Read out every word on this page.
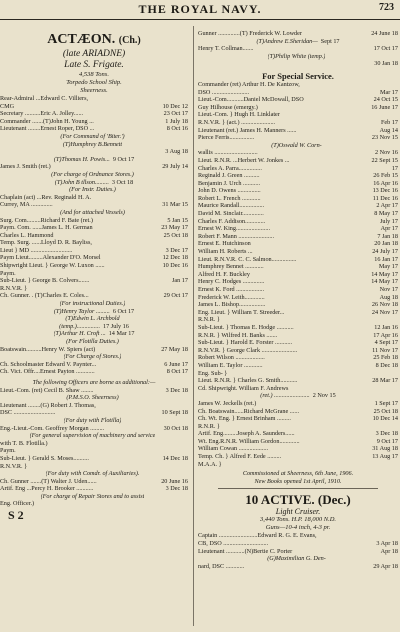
THE ROYAL NAVY.	723
ACTÆON. (Ch.)
(late ARIADNE)
Late S. Frigate.
4,538 Tons.
Torpedo School Ship.
Sheerness.
Rear-Admiral ...Edward C. Villiers,
CMG	10 Dec 12
Secretary ..........Eric A. Jolley......	23 Oct 17
Commander .......(T)John H. Young ...	1 July 18
Lieutenant ........Ernest Roper, DSO ...	8 Oct 16
(For Command of 'Biter.')
(T)Humphrey B.Bennett
3 Aug 18
(T)Thomas H. Powis... 9 Oct 17
James J. Smith (ret.)	29 July 14
(For charge of Ordnance Stores.)
(T)John B tllson......... 3 Oct 18
(For Instr. Duties.)
Chaplain (act) ...Rev. Reginald H. A.
Currey, MA ..............	31 Mar 15
(And for attached Vessels)
Surg. Com.........Richard F. Bate (ret.)	5 Jan 15
Paym. Com. ......James L. H. German	23 May 17
Charles L. Hammond	25 Oct 18
Temp. Surg. ......Lloyd D. R. Bayliss,
Lieut } MD ...........................	3 Dec 17
Paym Lieut.........Alexander D'O. Morsel	12 Dec 18
Shipwright Lieut. } George W. Luxon ......	10 Dec 16
Paym.
Sub-Lieut. } George B. Colvers.......	Jan 17
R.N.V.R. }
Ch. Gunner. . (T)Charles E. Coles...	29 Oct 17
(For instructional Duties.)
(T)Henry Taylor ......... 6 Oct 17
(T)Edwin L. Archbold
(temp.)............... 17 July 16
(T)Arthur H. Croft ... 14 Mar 17
(For Flotilla Duties.)
Boatswain..........Henry W. Spiers (act)	27 May 18
(For Charge of Stores.)
Ch. Schoolmaster Edward V. Paynter...	6 June 17
Ch. Vict. Offr....Ernest Payton ............	8 Oct 17
The following Officers are borne as additional:—
Lieut.-Com. (ret) Cecil B. Shaw ........	3 Dec 18
(P.M.S.O. Sheerness)
Lieutenant ........(G) Robert J. Thomas,
DSC ...........................	10 Sept 18
(For duty with Flotilla)
Eng.-Lieut.-Com. Geoffrey Morgan .........	30 Oct 18
(For general supervision of machinery and service
with T. B. Flotilla.)
Paym.
Sub-Lieut. } Gerald S. Moses..........	14 Dec 18
R.N.V.R. }
(For duty with Comdr. of Auxiliaries).
Ch. Gunner .......(T) Walter J. Uden......	20 June 16
Artif. Eng ...Percy H. Brooker ...........	3 Dec 18
(For charge of Repair Stores and to assist
Eng. Officer.)
S 2
Gunner ..............(T) Frederick W. Lowder	24 June 18
(T)Andrew E.Sheridan— Sept 17
Henry T. Collman.......	17 Oct 17
(T)Philip White (temp.)
30 Jan 18
For Special Service.
Commander (ret) Arthur H. De Kantzow,
DSO ........................	Mar 17
Lieut.-Com...........Daniel McDowall, DSO	24 Oct 15
Guy Hilhouse (emergy.)	16 June 17
Lieut.-Com. } Hugh H. Linklater
R.N.V.R. } (act.) ......................	Feb 17
Lieutenant (ret.) James H. Manners ......	Aug 14
Pierce Ferris................	23 Nov 15
(T)Oswald W. Corn-
wallis ............................	2 Nov 16
Lieut. R.N.R. ...Herbert W. Jonkes ...	22 Sept 15
Charles A. Parra...............	17
Reginald J. Green ..........	26 Feb 15
Benjamin J. Urch ...........	16 Apr 16
John D. Owens ...............	13 Dec 16
Robert L. French ............	11 Dec 16
Maurice Randall................	2 Apr 17
David M. Sinclair..............	8 May 17
Charles F. Addison.............	July 17
Ernest W. King......................	Apr 17
Robert F. Mann .......................	7 Jan 18
Ernest E. Hutchinson	20 Jan 18
William H. Roberts ...	24 July 17
Lieut. R.N.V.R. C. C. Salmon................	16 Jan 17
Humphrey Bennet ............	May 17
Alfred H. F. Buckley	14 May 17
Henry C. Hodges ..............	14 May 17
Ernest K. Ford ..................	Nov 17
Frederick W. Leith.............	Aug 18
James L. Bishop.................	26 Nov 18
Eng. Lieut. } William T. Streeder...	24 Nov 17
R.N.R. }
Sub-Lieut. } Thomas E. Hodge ...........	12 Jan 16
R.N.R. } Wilfred H. Banks .......	17 Apr 16
Sub-Lieut. } Harold E. Forster ...........	4 Sept 17
R.N.V.R. } George Clark .......................	11 Nov 17
Robert Wilson ...................	25 Feb 18
William E. Taylor ............	8 Dec 18
Eng. Sub- }
Lieut. R.N.R. } Charles G. Smith...........	28 Mar 17
Cd. Shipwright. William F. Andrews
(ret.) ....................... 2 Nov 15
James W. Jeckells (ret.)	1 Sept 17
Ch. Boatswain......Richard McGrane ......	25 Oct 18
Ch. Wt. Eng. } Ernest Brinham .........	10 Dec 14
R.N.R. }
Artif. Eng.........Joseph A. Saunders......	3 Dec 18
Wt. Eng.R.N.R. William Gordon.............	9 Oct 17
William Cowan ...................	31 Aug 18
Temp. Ch. } Alfred F. Eede .........	13 Aug 17
M.A.A. }
Commissioned at Sheerness, 6th June, 1906.
New Books opened 1st April, 1910.
10 ACTIVE. (Dec.)
Light Cruiser.
3,440 Tons. H.P. 18,000 N.D.
Guns—10-4 inch, 4-3 pr.
Captain .........................Edward R. G. E. Evans,
CB, DSO .............................	3 Apr 18
Lieutenant ............(N)Bertie C. Porter	Apr 18
(G)Maximilian G. Den-
nard, DSC ............	29 Apr 18
